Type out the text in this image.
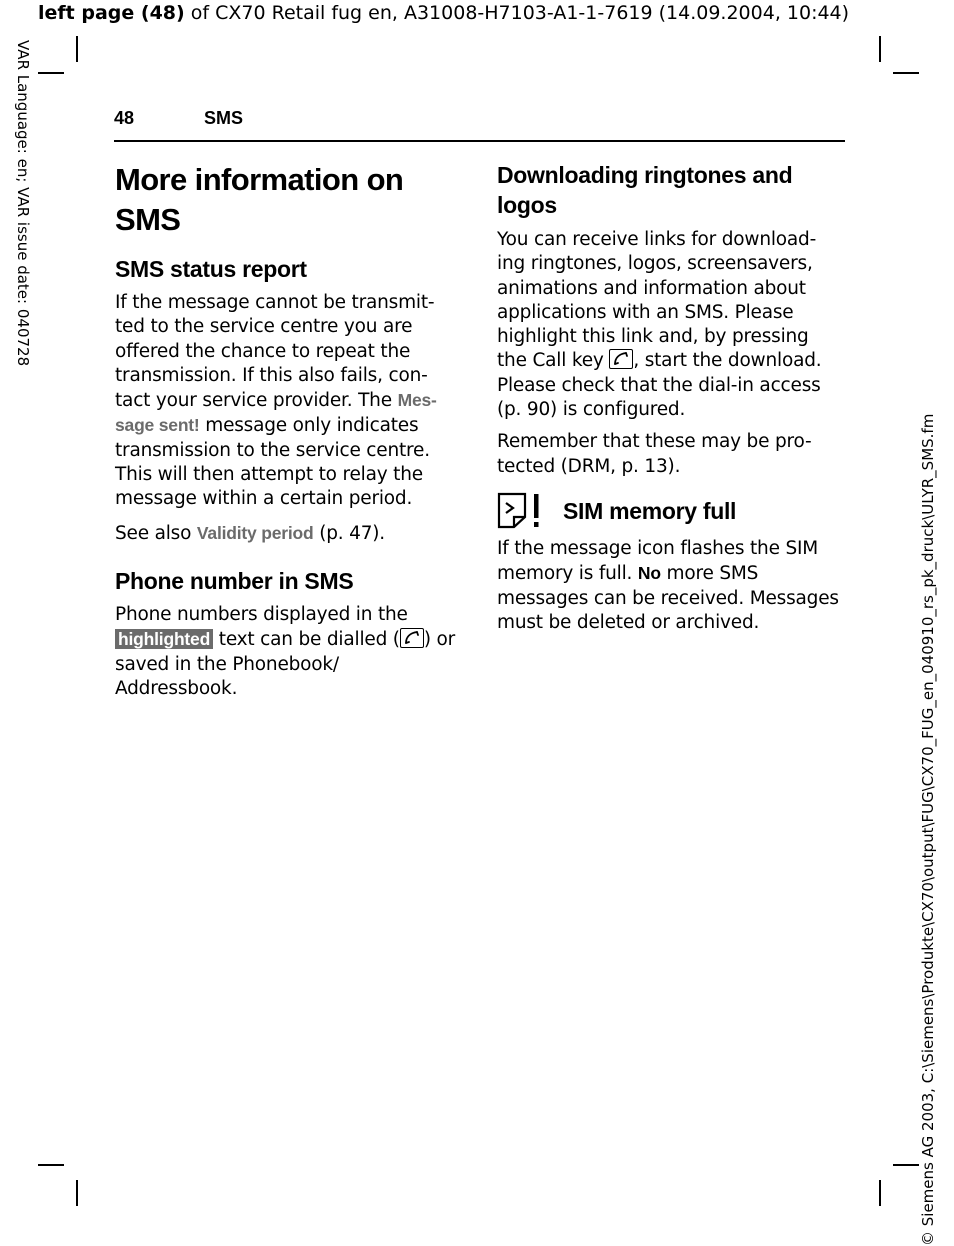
left page (48) of CX70 Retail fug en, A31008-H7103-A1-1-7619 (14.09.2004, 10:44)
VAR Language: en; VAR issue date: 040728
© Siemens AG 2003, C:\Siemens\Produkte\CX70\output\FUG\CX70_FUG_en_040910_rs_pk_druck\ULYR_SMS.fm
48	SMS
More information on SMS
SMS status report

If the message cannot be transmit-ted to the service centre you are offered the chance to repeat the transmission. If this also fails, con-tact your service provider. The Mes-sage sent! message only indicates transmission to the service centre. This will then attempt to relay the message within a certain period.

See also Validity period (p. 47).

Phone number in SMS

Phone numbers displayed in the highlighted text can be dialled ( ) or saved in the Phonebook/ Addressbook.

Downloading ringtones and logos

You can receive links for download-ing ringtones, logos, screensavers, animations and information about applications with an SMS. Please highlight this link and, by pressing the Call key
, start the download. Please check that the dial-in access (p. 90) is configured.

Remember that these may be pro-tected (DRM, p. 13).

SIM memory full

If the message icon flashes the SIM memory is full. No more SMS messages can be received. Messages must be deleted or archived.
